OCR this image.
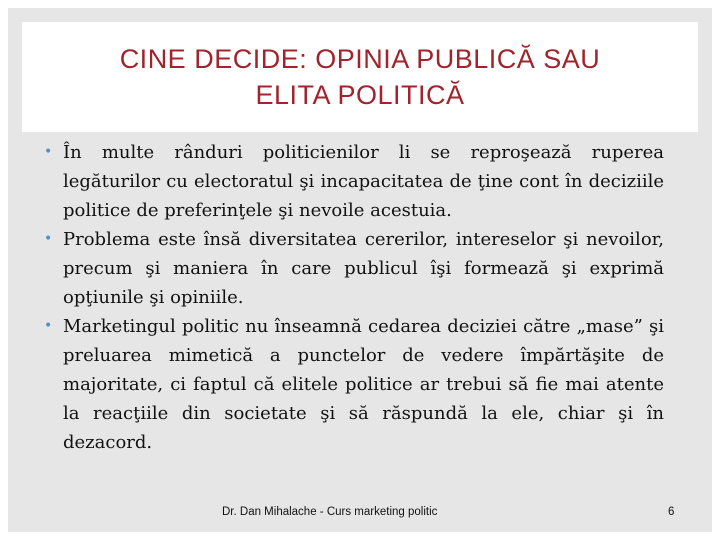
CINE DECIDE: OPINIA PUBLICĂ SAU
ELITA POLITICĂ

• În multe rânduri politicienilor li se reproşează ruperea legăturilor cu electoratul şi incapacitatea de ţine cont în deciziile politice de preferinţele şi nevoile acestuia.

• Problema este însă diversitatea cererilor, intereselor şi nevoilor, precum şi maniera în care publicul îşi formează şi exprimă opţiunile şi opiniile.

• Marketingul politic nu înseamnă cedarea deciziei către „mase” şi preluarea mimetică a punctelor de vedere împărtăşite de majoritate, ci faptul că elitele politice ar trebui să fie mai atente la reacţiile din societate şi să răspundă la ele, chiar şi în dezacord.

Dr. Dan Mihalache - Curs marketing politic	6
